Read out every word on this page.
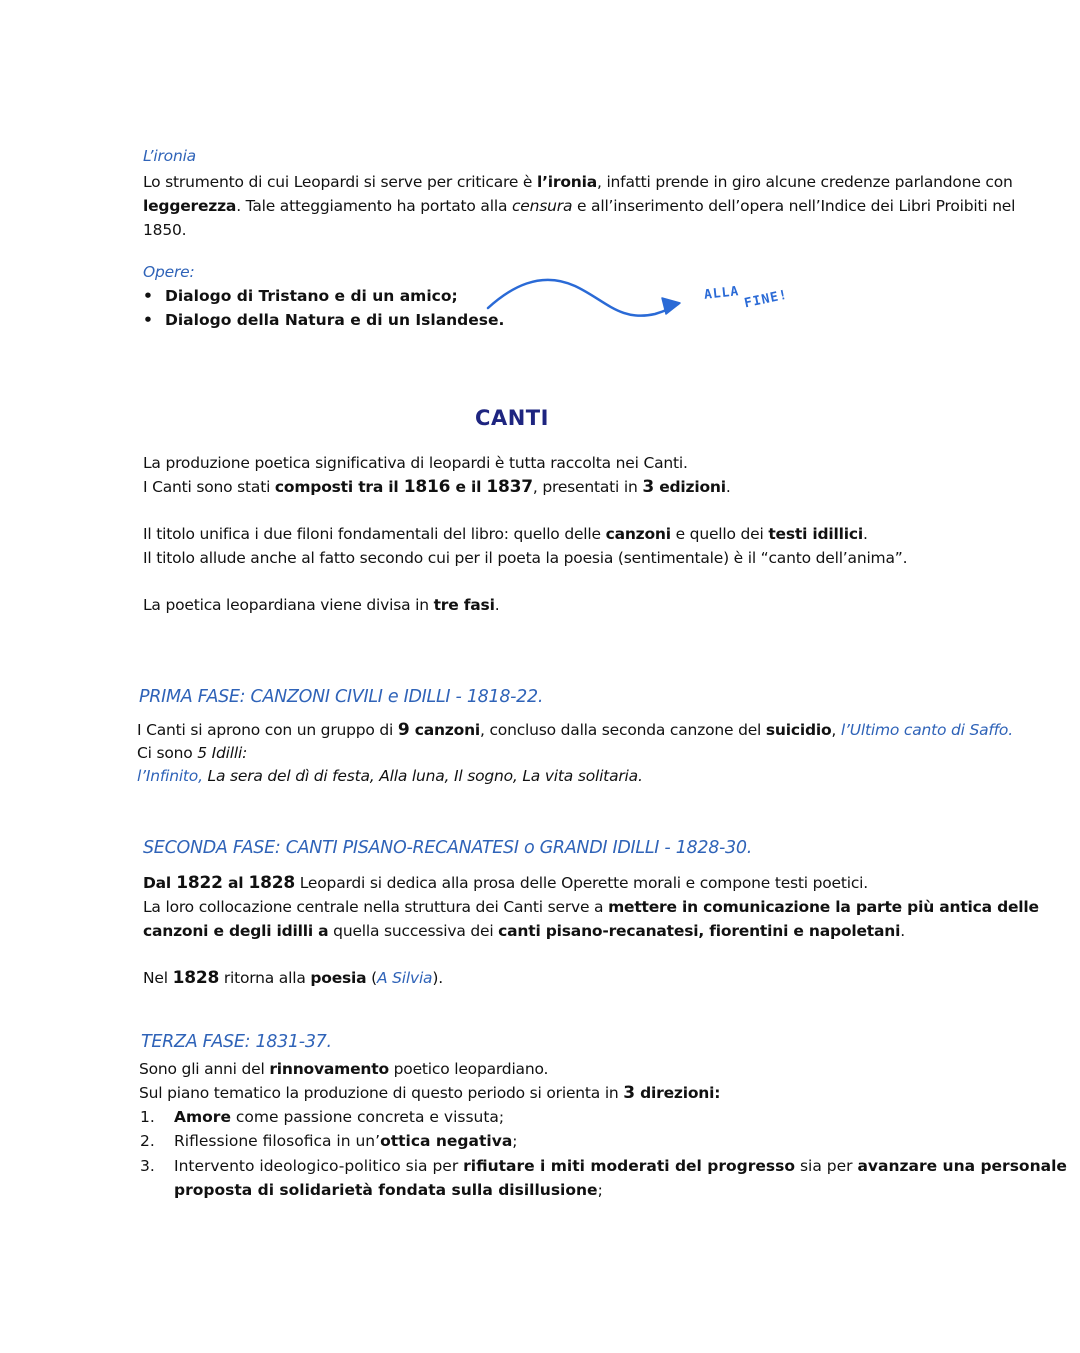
L’ironia
Lo strumento di cui Leopardi si serve per criticare è l’ironia, infatti prende in giro alcune credenze parlandone con
leggerezza. Tale atteggiamento ha portato alla censura e all’inserimento dell’opera nell’Indice dei Libri Proibiti nel
1850.
Opere:
• Dialogo di Tristano e di un amico;
• Dialogo della Natura e di un Islandese.
ALLA FINE!
CANTI
La produzione poetica significativa di leopardi è tutta raccolta nei Canti.
I Canti sono stati composti tra il 1816 e il 1837, presentati in 3 edizioni.
Il titolo unifica i due filoni fondamentali del libro: quello delle canzoni e quello dei testi idillici.
Il titolo allude anche al fatto secondo cui per il poeta la poesia (sentimentale) è il “canto dell’anima”.
La poetica leopardiana viene divisa in tre fasi.
PRIMA FASE: CANZONI CIVILI e IDILLI - 1818-22.
I Canti si aprono con un gruppo di 9 canzoni, concluso dalla seconda canzone del suicidio, l’Ultimo canto di Saffo.
Ci sono 5 Idilli:
l’Infinito, La sera del dì di festa, Alla luna, Il sogno, La vita solitaria.
SECONDA FASE: CANTI PISANO-RECANATESI o GRANDI IDILLI - 1828-30.
Dal 1822 al 1828 Leopardi si dedica alla prosa delle Operette morali e compone testi poetici.
La loro collocazione centrale nella struttura dei Canti serve a mettere in comunicazione la parte più antica delle
canzoni e degli idilli a quella successiva dei canti pisano-recanatesi, fiorentini e napoletani.
Nel 1828 ritorna alla poesia (A Silvia).
TERZA FASE: 1831-37.
Sono gli anni del rinnovamento poetico leopardiano.
Sul piano tematico la produzione di questo periodo si orienta in 3 direzioni:
1. Amore come passione concreta e vissuta;
2. Riflessione filosofica in un’ottica negativa;
3. Intervento ideologico-politico sia per rifiutare i miti moderati del progresso sia per avanzare una personale
proposta di solidarietà fondata sulla disillusione;
